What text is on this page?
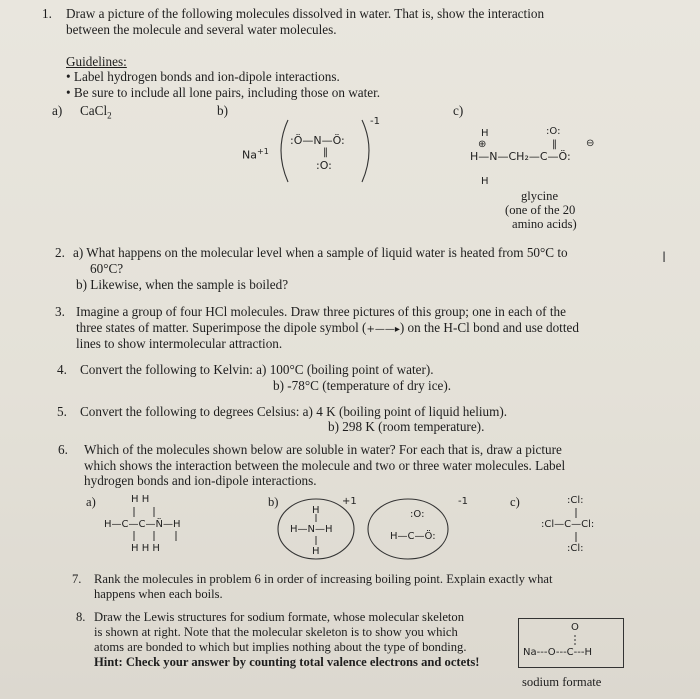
1. Draw a picture of the following molecules dissolved in water. That is, show the interaction
between the molecule and several water molecules.
Guidelines:
• Label hydrogen bonds and ion-dipole interactions.
• Be sure to include all lone pairs, including those on water.
a) CaCl$_2$	b)	c)
$Na^{+1}$
-1
:Ö—N—Ö:
‖
:O:
H	:O:
⊕	‖	⊖
H—N—CH₂—C—Ö:
H
glycine
(one of the 20
amino acids)
2. a) What happens on the molecular level when a sample of liquid water is heated from 50°C to
60°C?
b) Likewise, when the sample is boiled?
I
3. Imagine a group of four HCl molecules. Draw three pictures of this group; one in each of the
three states of matter. Superimpose the dipole symbol (+——▸) on the H-Cl bond and use dotted
lines to show intermolecular attraction.
4. Convert the following to Kelvin: a) 100°C (boiling point of water).
b) -78°C (temperature of dry ice).
5. Convert the following to degrees Celsius: a) 4 K (boiling point of liquid helium).
b) 298 K (room temperature).
6. Which of the molecules shown below are soluble in water? For each that is, draw a picture
which shows the interaction between the molecule and two or three water molecules. Label
hydrogen bonds and ion-dipole interactions.
a)	b)	c)
H H
H—C—C—N̈—H
H H H
+1
H
H—N—H
H
-1
:O:
H—C—Ö:
:Cl:
:Cl—C—Cl:
:Cl:
7. Rank the molecules in problem 6 in order of increasing boiling point. Explain exactly what
happens when each boils.
8. Draw the Lewis structures for sodium formate, whose molecular skeleton
is shown at right. Note that the molecular skeleton is to show you which
atoms are bonded to which but implies nothing about the type of bonding.
Hint: Check your answer by counting total valence electrons and octets!
O
Na---O---C---H
sodium formate
